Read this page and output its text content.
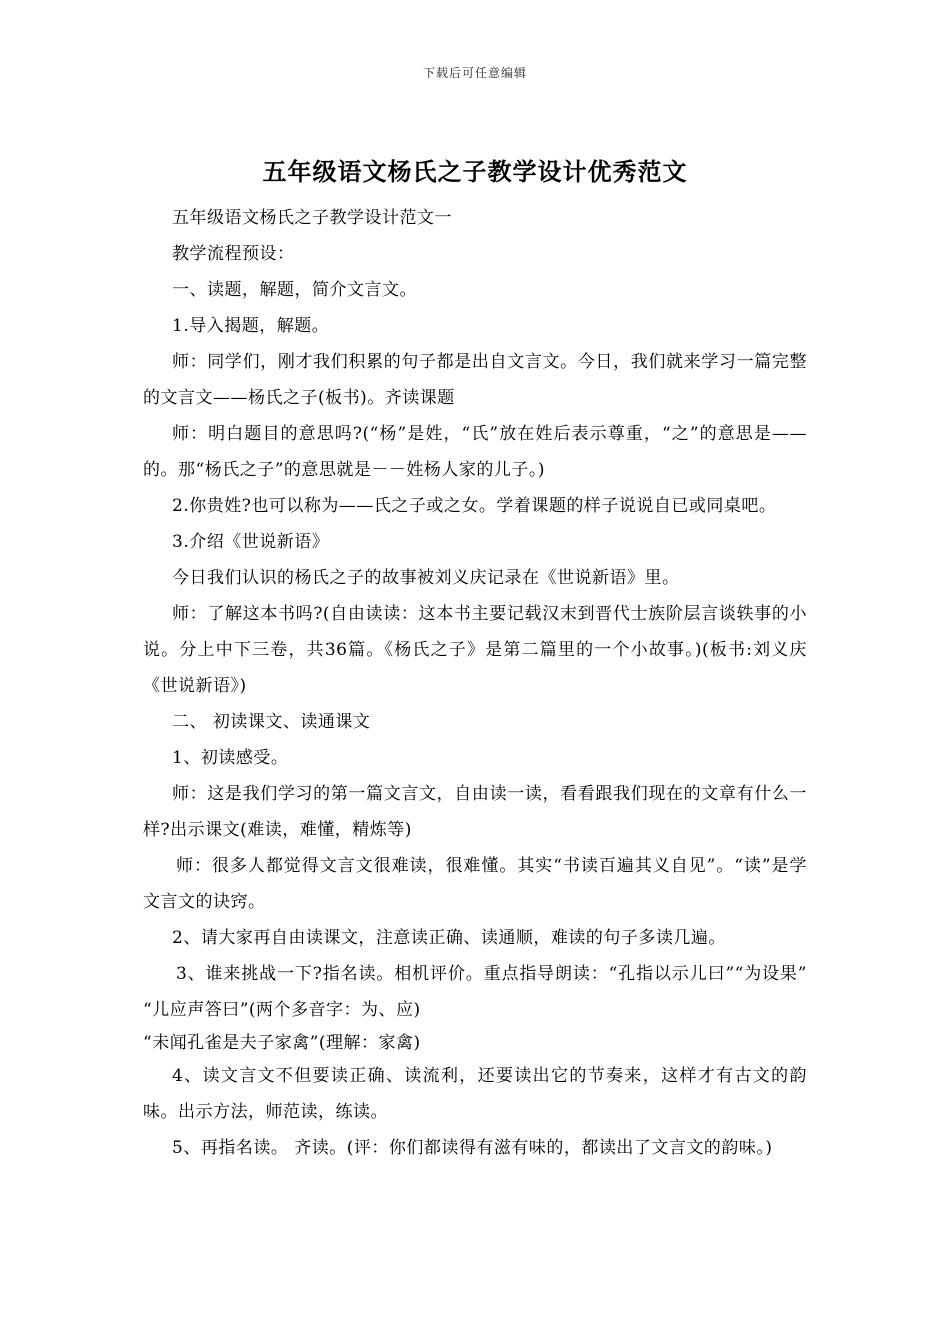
下载后可任意编辑
五年级语文杨氏之子教学设计优秀范文

五年级语文杨氏之子教学设计范文一

教学流程预设：

一、读题，解题，简介文言文。

1.导入揭题，解题。

师：同学们，刚才我们积累的句子都是出自文言文。今日，我们就来学习一篇完整的文言文——杨氏之子(板书)。齐读课题

师：明白题目的意思吗?(“杨”是姓，“氏”放在姓后表示尊重，“之”的意思是——的。那“杨氏之子”的意思就是－－姓杨人家的儿子。)

2.你贵姓?也可以称为——氏之子或之女。学着课题的样子说说自已或同桌吧。

3.介绍《世说新语》

今日我们认识的杨氏之子的故事被刘义庆记录在《世说新语》里。

师：了解这本书吗?(自由读读：这本书主要记载汉末到晋代士族阶层言谈轶事的小说。分上中下三卷，共36篇。《杨氏之子》是第二篇里的一个小故事。)(板书:刘义庆《世说新语》)

二、 初读课文、读通课文

1、初读感受。

师：这是我们学习的第一篇文言文，自由读一读，看看跟我们现在的文章有什么一样?出示课文(难读，难懂，精炼等)

师：很多人都觉得文言文很难读，很难懂。其实“书读百遍其义自见”。“读”是学文言文的诀窍。

2、请大家再自由读课文，注意读正确、读通顺，难读的句子多读几遍。

3、谁来挑战一下?指名读。相机评价。重点指导朗读：“孔指以示儿曰”“为设果” “儿应声答曰”(两个多音字：为、应)

“未闻孔雀是夫子家禽”(理解：家禽)

4、读文言文不但要读正确、读流利，还要读出它的节奏来，这样才有古文的韵味。出示方法，师范读，练读。

5、再指名读。 齐读。(评：你们都读得有滋有味的，都读出了文言文的韵味。)
